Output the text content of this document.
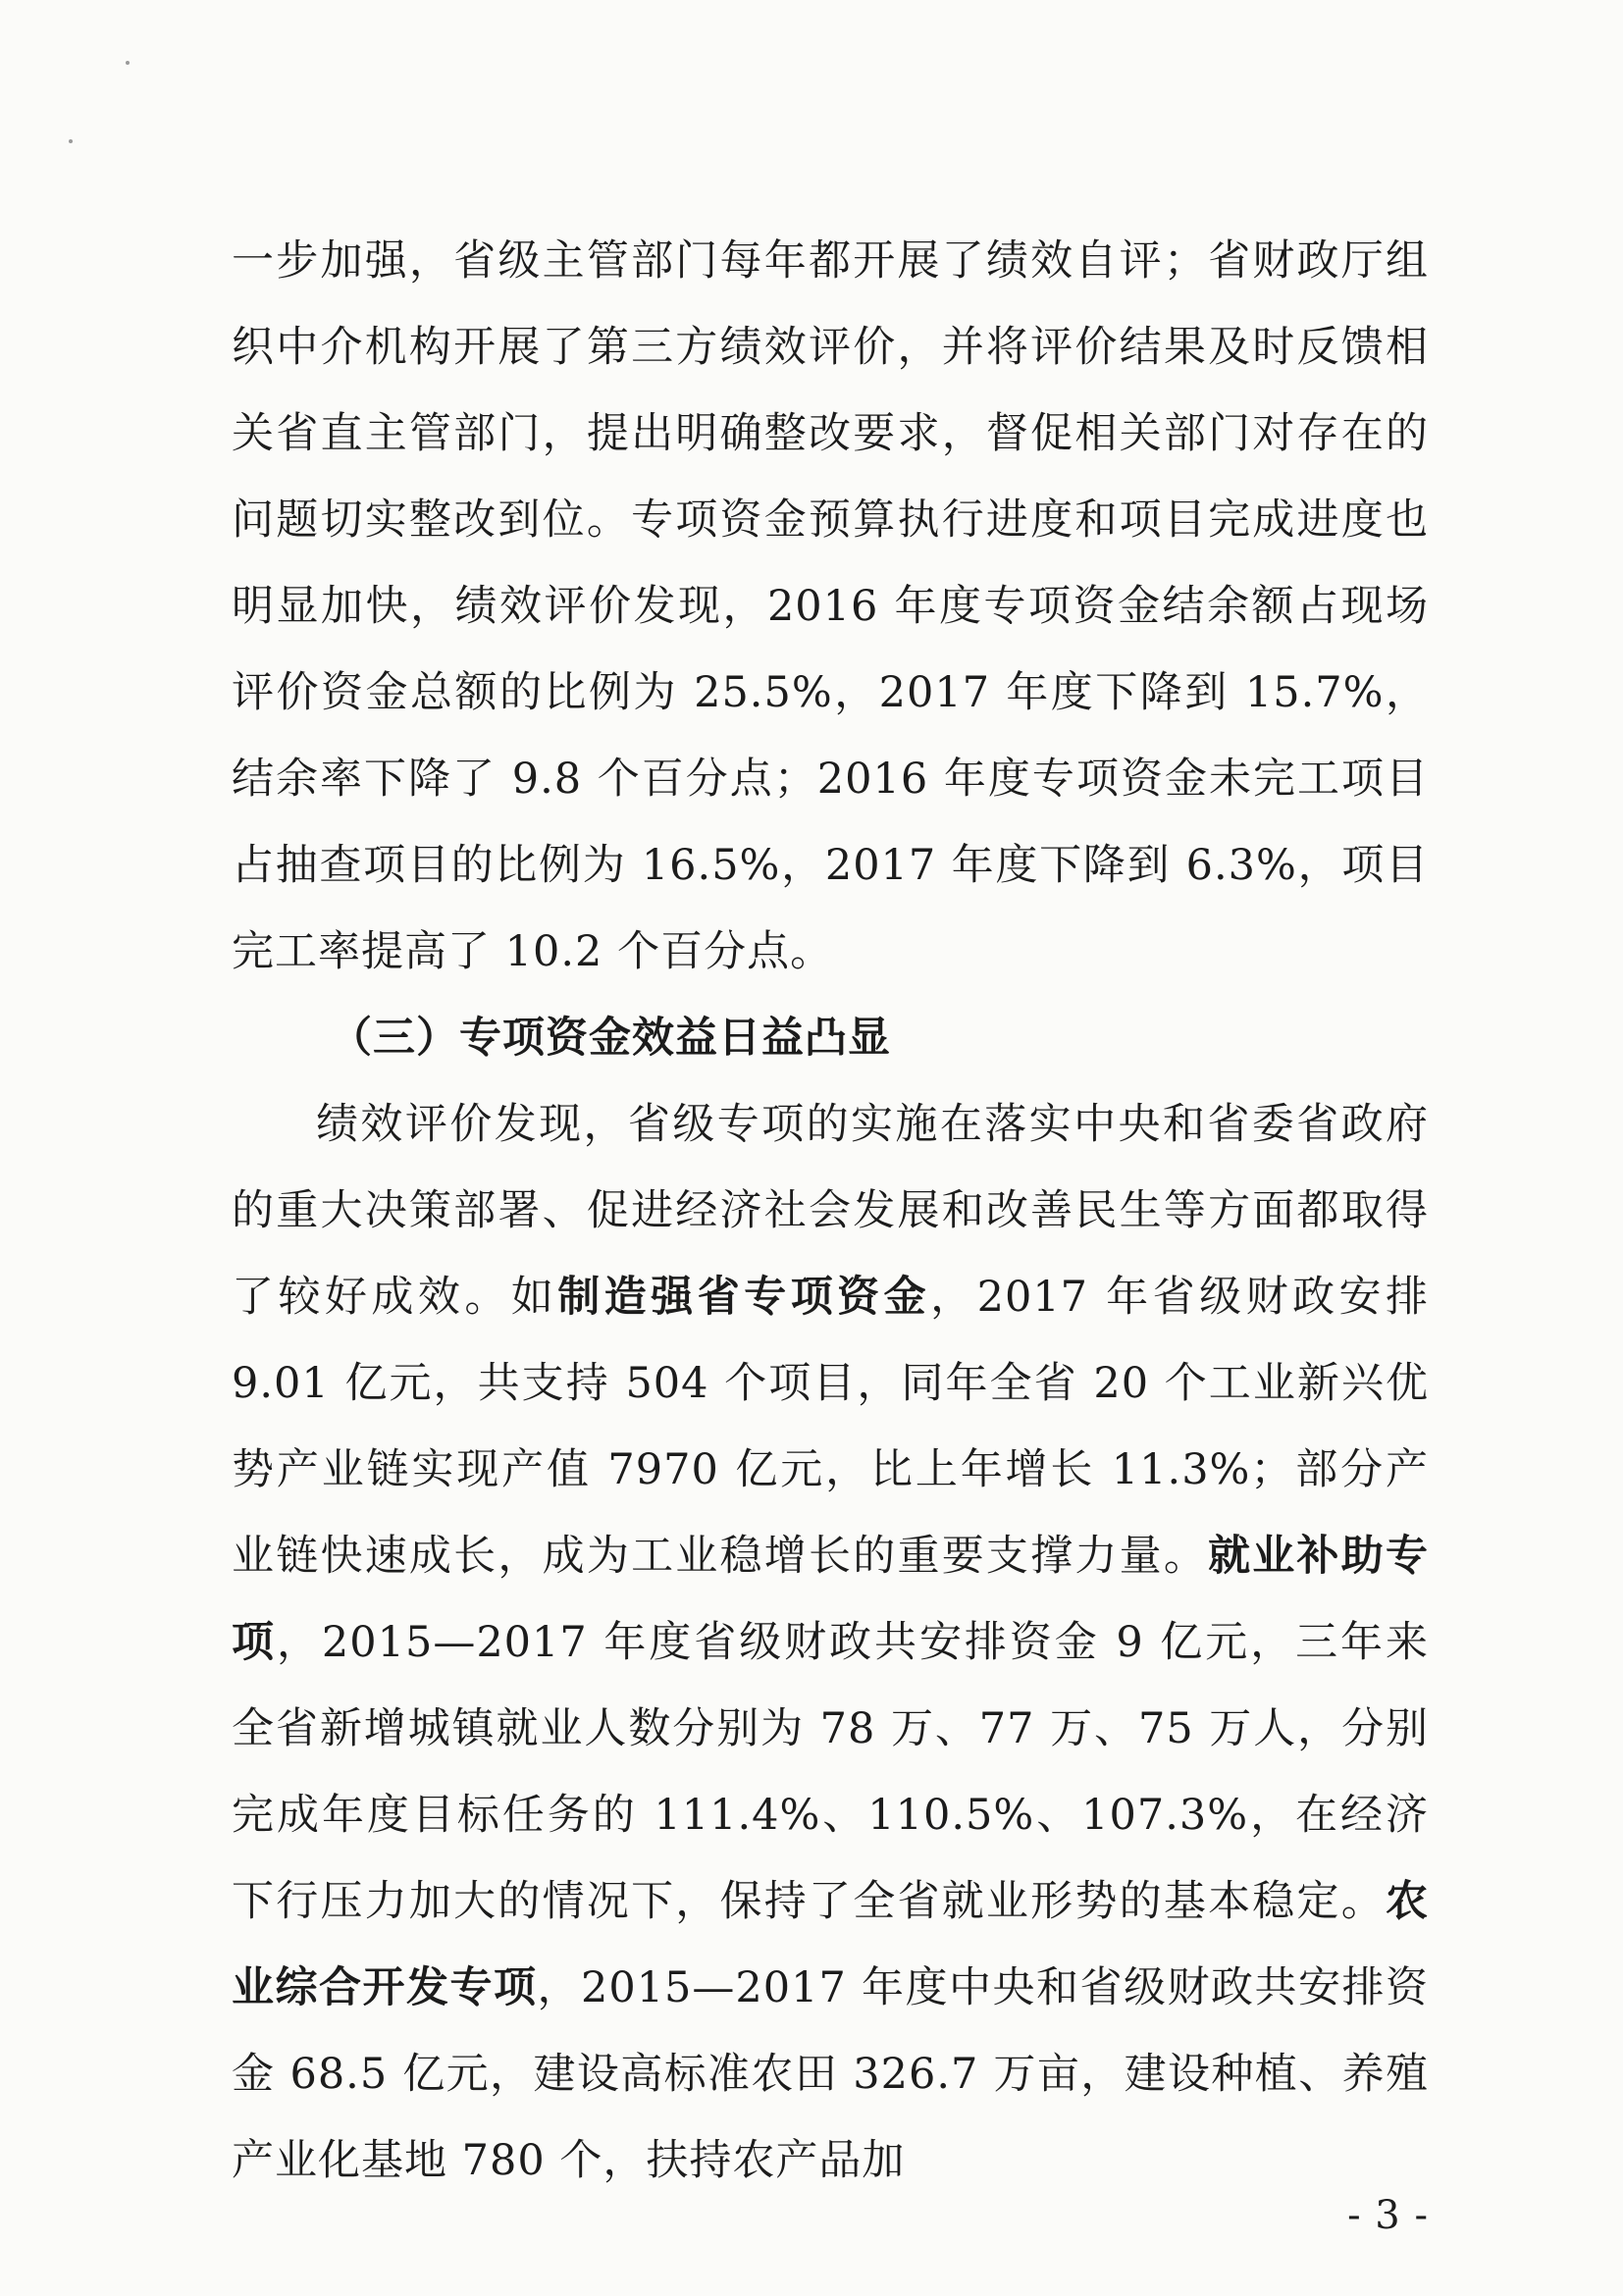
一步加强，省级主管部门每年都开展了绩效自评；省财政厅组织中介机构开展了第三方绩效评价，并将评价结果及时反馈相关省直主管部门，提出明确整改要求，督促相关部门对存在的问题切实整改到位。专项资金预算执行进度和项目完成进度也明显加快，绩效评价发现，2016 年度专项资金结余额占现场评价资金总额的比例为 25.5%，2017 年度下降到 15.7%，结余率下降了 9.8 个百分点；2016 年度专项资金未完工项目占抽查项目的比例为 16.5%，2017 年度下降到 6.3%，项目完工率提高了 10.2 个百分点。

（三）专项资金效益日益凸显

绩效评价发现，省级专项的实施在落实中央和省委省政府的重大决策部署、促进经济社会发展和改善民生等方面都取得了较好成效。如制造强省专项资金，2017 年省级财政安排 9.01 亿元，共支持 504 个项目，同年全省 20 个工业新兴优势产业链实现产值 7970 亿元，比上年增长 11.3%；部分产业链快速成长，成为工业稳增长的重要支撑力量。就业补助专项，2015—2017 年度省级财政共安排资金 9 亿元，三年来全省新增城镇就业人数分别为 78 万、77 万、75 万人，分别完成年度目标任务的 111.4%、110.5%、107.3%，在经济下行压力加大的情况下，保持了全省就业形势的基本稳定。农业综合开发专项，2015—2017 年度中央和省级财政共安排资金 68.5 亿元，建设高标准农田 326.7 万亩，建设种植、养殖产业化基地 780 个，扶持农产品加

- 3 -
